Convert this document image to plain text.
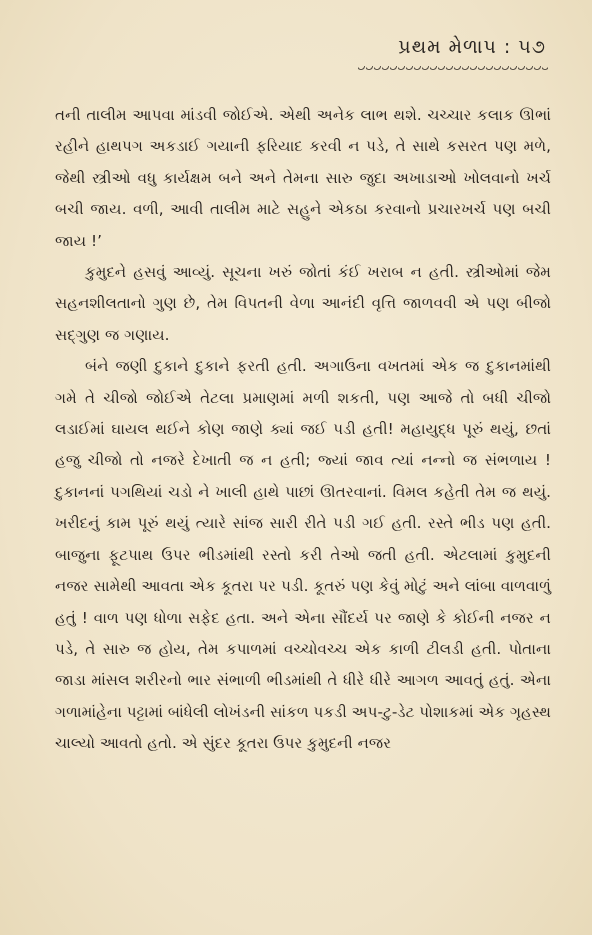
પ્રથમ મેળાપ : ૫૭

તની તાલીમ આપવા માંડવી જોઈએ. એથી અનેક લાભ થશે. ચચ્ચાર કલાક ઊભાં રહીને હાથપગ અકડાઈ ગયાની ફરિયાદ કરવી ન પડે, તે સાથે કસરત પણ મળે, જેથી સ્ત્રીઓ વધુ કાર્યક્ષમ બને અને તેમના સારુ જુદા અખાડાઓ ખોલવાનો ખર્ચ બચી જાય. વળી, આવી તાલીમ માટે સહુને એકઠા કરવાનો પ્રચારખર્ચ પણ બચી જાય !’

કુમુદને હસવું આવ્યું. સૂચના ખરું જોતાં કંઈ ખરાબ ન હતી. સ્ત્રીઓમાં જેમ સહનશીલતાનો ગુણ છે, તેમ વિપતની વેળા આનંદી વૃત્તિ જાળવવી એ પણ બીજો સદ્ગુણ જ ગણાય.

બંને જણી દુકાને દુકાને ફરતી હતી. અગાઉના વખતમાં એક જ દુકાનમાંથી ગમે તે ચીજો જોઈએ તેટલા પ્રમાણમાં મળી શકતી, પણ આજે તો બધી ચીજો લડાઈમાં ઘાયલ થઈને કોણ જાણે ક્યાં જઈ પડી હતી! મહાયુદ્ધ પૂરું થયું, છતાં હજુ ચીજો તો નજરે દેખાતી જ ન હતી; જ્યાં જાવ ત્યાં નન્નો જ સંભળાય ! દુકાનનાં પગથિયાં ચડો ને ખાલી હાથે પાછાં ઊતરવાનાં. વિમલ કહેતી તેમ જ થયું. ખરીદનું કામ પૂરું થયું ત્યારે સાંજ સારી રીતે પડી ગઈ હતી. રસ્તે ભીડ પણ હતી. બાજુના ફૂટપાથ ઉપર ભીડમાંથી રસ્તો કરી તેઓ જતી હતી. એટલામાં કુમુદની નજર સામેથી આવતા એક કૂતરા પર પડી. કૂતરું પણ કેવું મોટું અને લાંબા વાળવાળું હતું ! વાળ પણ ધોળા સફેદ હતા. અને એના સૌંદર્ય પર જાણે કે કોઈની નજર ન પડે, તે સારુ જ હોય, તેમ કપાળમાં વચ્ચોવચ્ચ એક કાળી ટીલડી હતી. પોતાના જાડા માંસલ શરીરનો ભાર સંભાળી ભીડમાંથી તે ધીરે ધીરે આગળ આવતું હતું. એના ગળામાંહેના પટ્ટામાં બાંધેલી લોખંડની સાંકળ પકડી અપ-ટુ-ડેટ પોશાકમાં એક ગૃહસ્થ ચાલ્યો આવતો હતો. એ સુંદર કૂતરા ઉપર કુમુદની નજર
